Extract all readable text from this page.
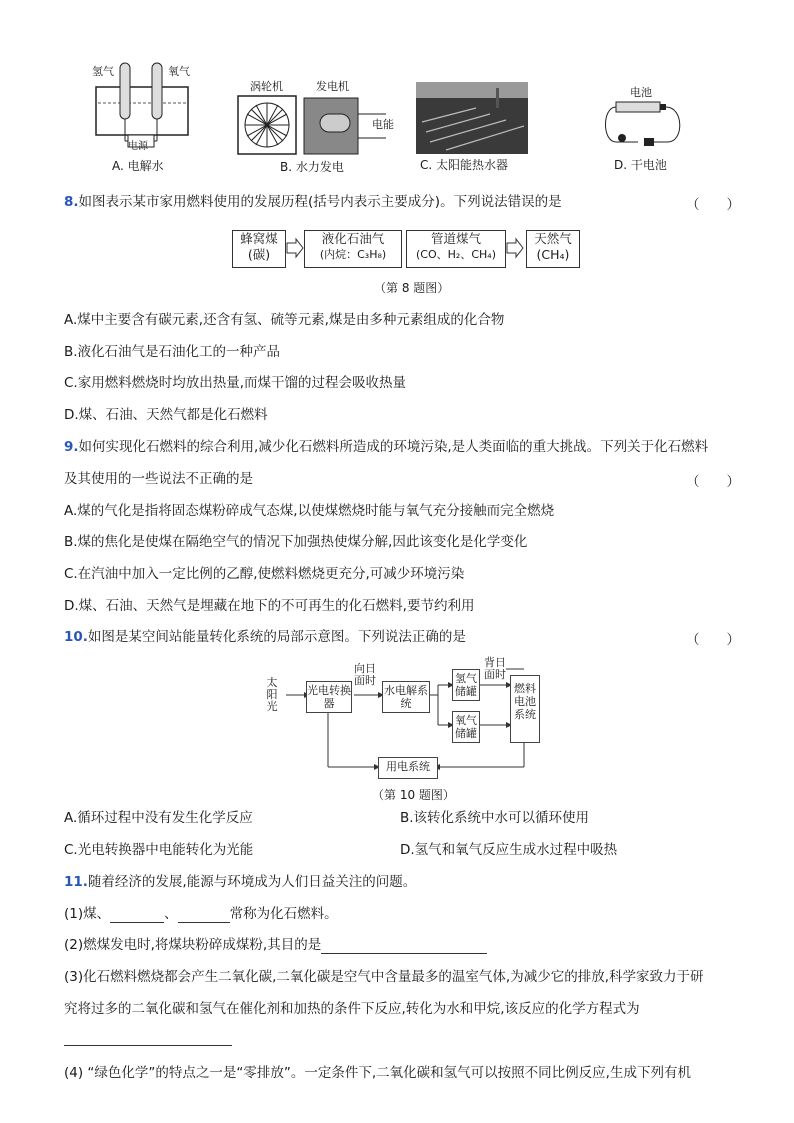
氢气	氧气
电源
A. 电解水
涡轮机	发电机
电能
B. 水力发电	C. 太阳能热水器
电池
D. 干电池
8.如图表示某市家用燃料使用的发展历程(括号内表示主要成分)。下列说法错误的是	（　　）
蜂窝煤
(碳)
液化石油气
(内烷：C₃H₈)
管道煤气
(CO、H₂、CH₄)
天然气
(CH₄)
（第 8 题图）
A.煤中主要含有碳元素,还含有氢、硫等元素,煤是由多种元素组成的化合物
B.液化石油气是石油化工的一种产品
C.家用燃料燃烧时均放出热量,而煤干馏的过程会吸收热量
D.煤、石油、天然气都是化石燃料
9.如何实现化石燃料的综合利用,减少化石燃料所造成的环境污染,是人类面临的重大挑战。下列关于化石燃料
及其使用的一些说法不正确的是	（　　）
A.煤的气化是指将固态煤粉碎成气态煤,以使煤燃烧时能与氧气充分接触而完全燃烧
B.煤的焦化是使煤在隔绝空气的情况下加强热使煤分解,因此该变化是化学变化
C.在汽油中加入一定比例的乙醇,使燃料燃烧更充分,可减少环境污染
D.煤、石油、天然气是埋藏在地下的不可再生的化石燃料,要节约利用
10.如图是某空间站能量转化系统的局部示意图。下列说法正确的是	（　　）
太阳光
光电转换器
向日面时
水电解系统
氢气储罐
氧气储罐
背日面时
燃料电池系统
用电系统
（第 10 题图）
A.循环过程中没有发生化学反应	B.该转化系统中水可以循环使用
C.光电转换器中电能转化为光能	D.氢气和氧气反应生成水过程中吸热
11.随着经济的发展,能源与环境成为人们日益关注的问题。
(1)煤、	、	常称为化石燃料。
(2)燃煤发电时,将煤块粉碎成煤粉,其目的是
(3)化石燃料燃烧都会产生二氧化碳,二氧化碳是空气中含量最多的温室气体,为减少它的排放,科学家致力于研
究将过多的二氧化碳和氢气在催化剂和加热的条件下反应,转化为水和甲烷,该反应的化学方程式为
(4) “绿色化学”的特点之一是“零排放”。一定条件下,二氧化碳和氢气可以按照不同比例反应,生成下列有机
